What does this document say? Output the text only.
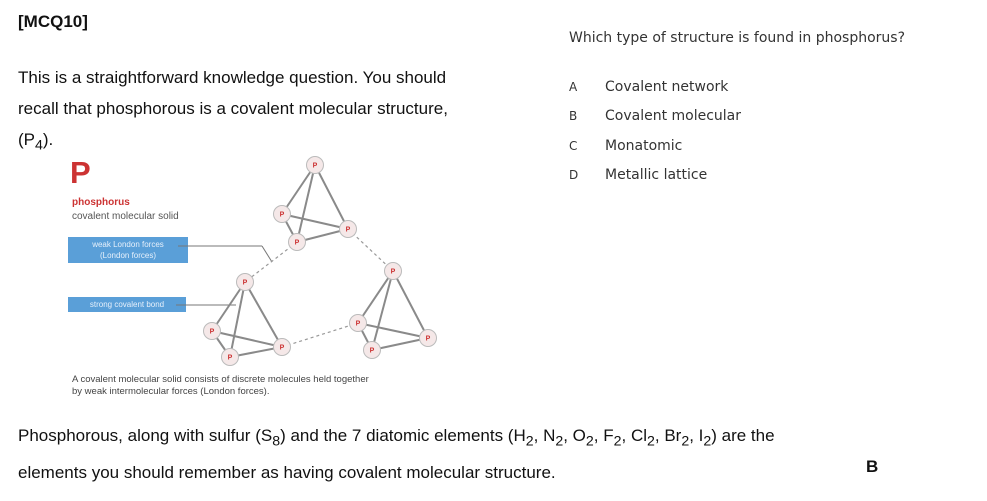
[MCQ10]
This is a straightforward knowledge question. You should
recall that phosphorous is a covalent molecular structure,
$(P_4)$.
Which type of structure is found in phosphorus?
A	Covalent network
B	Covalent molecular
C	Monatomic
D	Metallic lattice
P
phosphorus
covalent molecular solid
weak London forces
(London forces)
strong covalent bond
P
P
P
P
P
P
P
P
P
P
P
P
A covalent molecular solid consists of discrete molecules held together
by weak intermolecular forces (London forces).
Phosphorous, along with sulfur $(S_8)$ and the 7 diatomic elements ($H_2$, $N_2$, $O_2$, $F_2$, $Cl_2$, $Br_2$, $I_2$) are the
elements you should remember as having covalent molecular structure.	B
